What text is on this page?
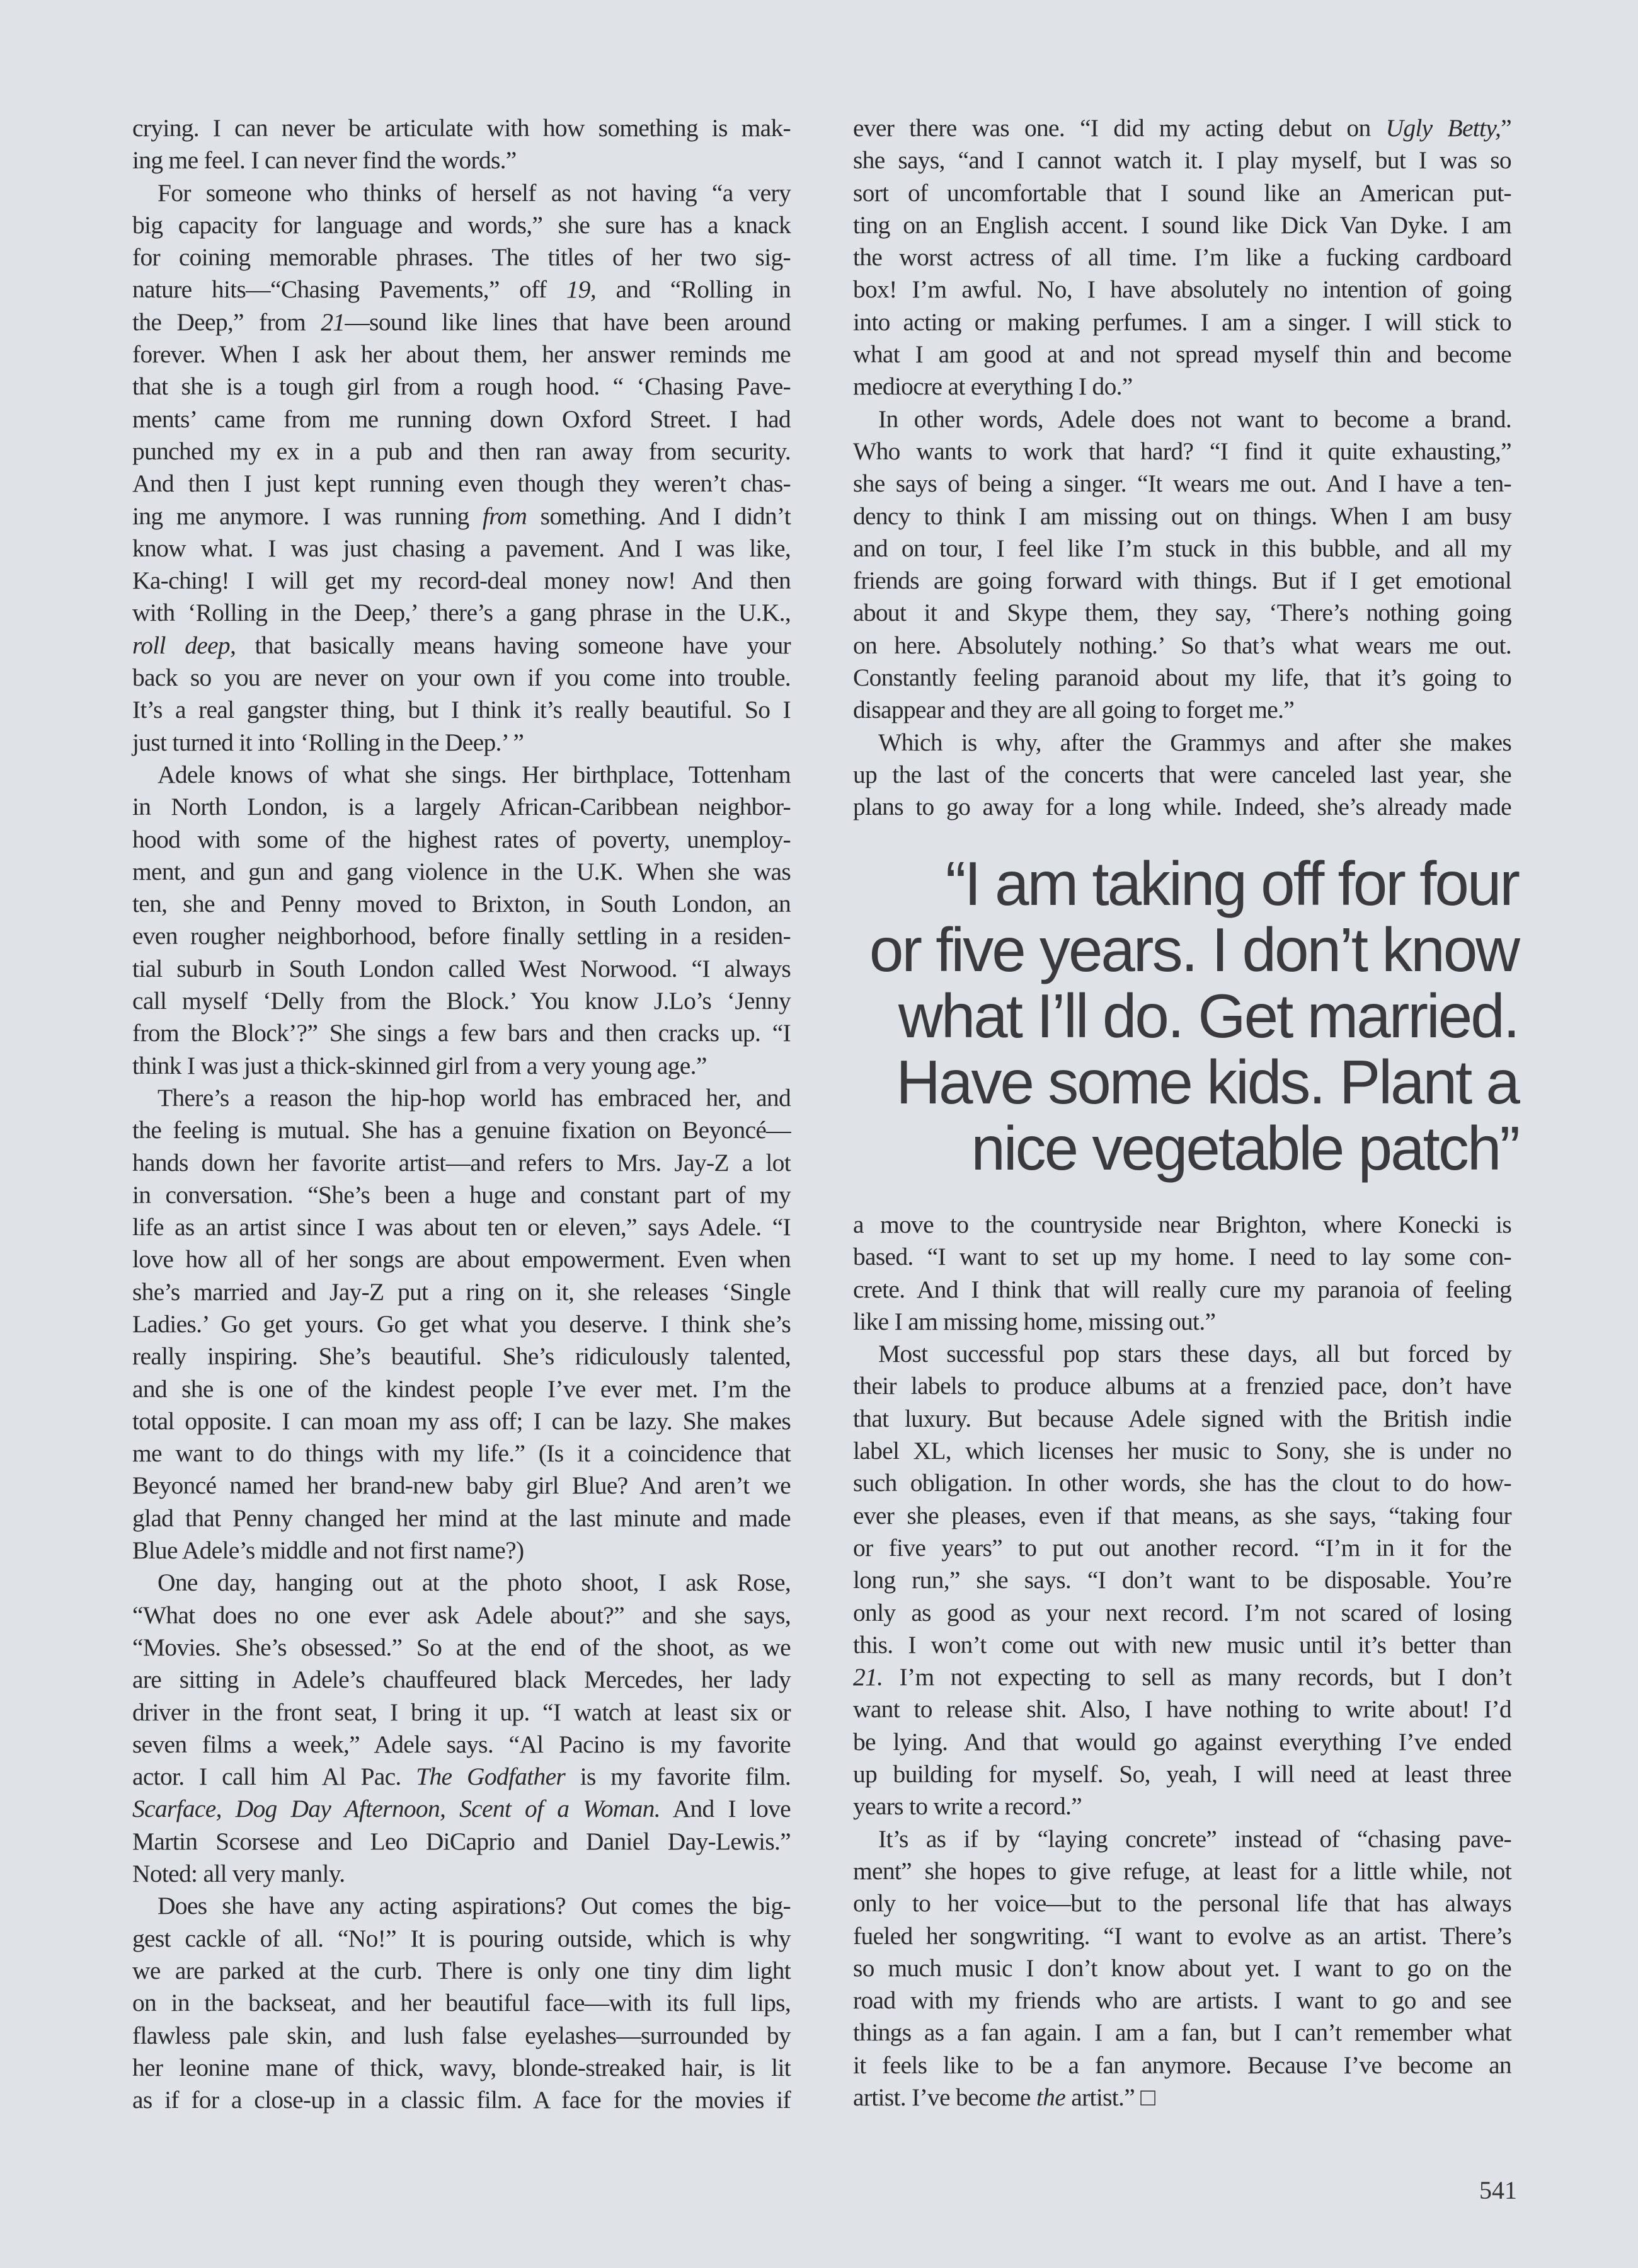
crying. I can never be articulate with how something is mak-
ing me feel. I can never find the words.”
For someone who thinks of herself as not having “a very
big capacity for language and words,” she sure has a knack
for coining memorable phrases. The titles of her two sig-
nature hits—“Chasing Pavements,” off 19, and “Rolling in
the Deep,” from 21—sound like lines that have been around
forever. When I ask her about them, her answer reminds me
that she is a tough girl from a rough hood. “ ‘Chasing Pave-
ments’ came from me running down Oxford Street. I had
punched my ex in a pub and then ran away from security.
And then I just kept running even though they weren’t chas-
ing me anymore. I was running from something. And I didn’t
know what. I was just chasing a pavement. And I was like,
Ka-ching! I will get my record-deal money now! And then
with ‘Rolling in the Deep,’ there’s a gang phrase in the U.K.,
roll deep, that basically means having someone have your
back so you are never on your own if you come into trouble.
It’s a real gangster thing, but I think it’s really beautiful. So I
just turned it into ‘Rolling in the Deep.’ ”
Adele knows of what she sings. Her birthplace, Tottenham
in North London, is a largely African-Caribbean neighbor-
hood with some of the highest rates of poverty, unemploy-
ment, and gun and gang violence in the U.K. When she was
ten, she and Penny moved to Brixton, in South London, an
even rougher neighborhood, before finally settling in a residen-
tial suburb in South London called West Norwood. “I always
call myself ‘Delly from the Block.’ You know J.Lo’s ‘Jenny
from the Block’?” She sings a few bars and then cracks up. “I
think I was just a thick-skinned girl from a very young age.”
There’s a reason the hip-hop world has embraced her, and
the feeling is mutual. She has a genuine fixation on Beyoncé—
hands down her favorite artist—and refers to Mrs. Jay-Z a lot
in conversation. “She’s been a huge and constant part of my
life as an artist since I was about ten or eleven,” says Adele. “I
love how all of her songs are about empowerment. Even when
she’s married and Jay-Z put a ring on it, she releases ‘Single
Ladies.’ Go get yours. Go get what you deserve. I think she’s
really inspiring. She’s beautiful. She’s ridiculously talented,
and she is one of the kindest people I’ve ever met. I’m the
total opposite. I can moan my ass off; I can be lazy. She makes
me want to do things with my life.” (Is it a coincidence that
Beyoncé named her brand-new baby girl Blue? And aren’t we
glad that Penny changed her mind at the last minute and made
Blue Adele’s middle and not first name?)
One day, hanging out at the photo shoot, I ask Rose,
“What does no one ever ask Adele about?” and she says,
“Movies. She’s obsessed.” So at the end of the shoot, as we
are sitting in Adele’s chauffeured black Mercedes, her lady
driver in the front seat, I bring it up. “I watch at least six or
seven films a week,” Adele says. “Al Pacino is my favorite
actor. I call him Al Pac. The Godfather is my favorite film.
Scarface, Dog Day Afternoon, Scent of a Woman. And I love
Martin Scorsese and Leo DiCaprio and Daniel Day-Lewis.”
Noted: all very manly.
Does she have any acting aspirations? Out comes the big-
gest cackle of all. “No!” It is pouring outside, which is why
we are parked at the curb. There is only one tiny dim light
on in the backseat, and her beautiful face—with its full lips,
flawless pale skin, and lush false eyelashes—surrounded by
her leonine mane of thick, wavy, blonde-streaked hair, is lit
as if for a close-up in a classic film. A face for the movies if
ever there was one. “I did my acting debut on Ugly Betty,”
she says, “and I cannot watch it. I play myself, but I was so
sort of uncomfortable that I sound like an American put-
ting on an English accent. I sound like Dick Van Dyke. I am
the worst actress of all time. I’m like a fucking cardboard
box! I’m awful. No, I have absolutely no intention of going
into acting or making perfumes. I am a singer. I will stick to
what I am good at and not spread myself thin and become
mediocre at everything I do.”
In other words, Adele does not want to become a brand.
Who wants to work that hard? “I find it quite exhausting,”
she says of being a singer. “It wears me out. And I have a ten-
dency to think I am missing out on things. When I am busy
and on tour, I feel like I’m stuck in this bubble, and all my
friends are going forward with things. But if I get emotional
about it and Skype them, they say, ‘There’s nothing going
on here. Absolutely nothing.’ So that’s what wears me out.
Constantly feeling paranoid about my life, that it’s going to
disappear and they are all going to forget me.”
Which is why, after the Grammys and after she makes
up the last of the concerts that were canceled last year, she
plans to go away for a long while. Indeed, she’s already made
“I am taking off for four
or five years. I don’t know
what I’ll do. Get married.
Have some kids. Plant a
nice vegetable patch”
a move to the countryside near Brighton, where Konecki is
based. “I want to set up my home. I need to lay some con-
crete. And I think that will really cure my paranoia of feeling
like I am missing home, missing out.”
Most successful pop stars these days, all but forced by
their labels to produce albums at a frenzied pace, don’t have
that luxury. But because Adele signed with the British indie
label XL, which licenses her music to Sony, she is under no
such obligation. In other words, she has the clout to do how-
ever she pleases, even if that means, as she says, “taking four
or five years” to put out another record. “I’m in it for the
long run,” she says. “I don’t want to be disposable. You’re
only as good as your next record. I’m not scared of losing
this. I won’t come out with new music until it’s better than
21. I’m not expecting to sell as many records, but I don’t
want to release shit. Also, I have nothing to write about! I’d
be lying. And that would go against everything I’ve ended
up building for myself. So, yeah, I will need at least three
years to write a record.”
It’s as if by “laying concrete” instead of “chasing pave-
ment” she hopes to give refuge, at least for a little while, not
only to her voice—but to the personal life that has always
fueled her songwriting. “I want to evolve as an artist. There’s
so much music I don’t know about yet. I want to go on the
road with my friends who are artists. I want to go and see
things as a fan again. I am a fan, but I can’t remember what
it feels like to be a fan anymore. Because I’ve become an
artist. I’ve become the artist.” □
541
